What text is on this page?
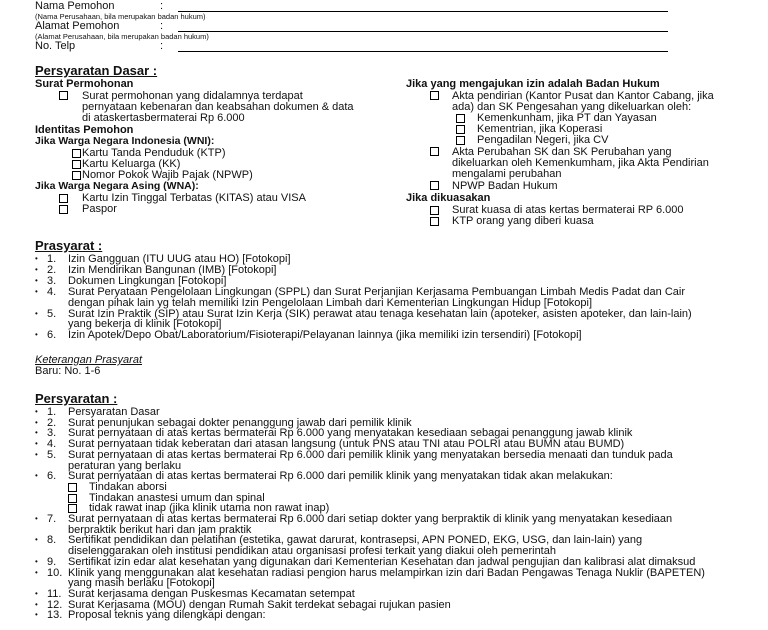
Nama Pemohon	:
(Nama Perusahaan, bila merupakan badan hukum)
Alamat Pemohon	:
(Alamat Perusahaan, bila merupakan badan hukum)
No. Telp	:
Persyaratan Dasar :
Surat Permohonan
Surat permohonan yang didalamnya terdapat
pernyataan kebenaran dan keabsahan dokumen & data
di ataskertasbermaterai Rp 6.000
Identitas Pemohon
Jika Warga Negara Indonesia (WNI):
Kartu Tanda Penduduk (KTP)
Kartu Keluarga (KK)
Nomor Pokok Wajib Pajak (NPWP)
Jika Warga Negara Asing (WNA):
Kartu Izin Tinggal Terbatas (KITAS) atau VISA
Paspor
Jika yang mengajukan izin adalah Badan Hukum
Akta pendirian (Kantor Pusat dan Kantor Cabang, jika
ada) dan SK Pengesahan yang dikeluarkan oleh:
Kemenkunham, jika PT dan Yayasan
Kementrian, jika Koperasi
Pengadilan Negeri, jika CV
Akta Perubahan SK dan SK Perubahan yang
dikeluarkan oleh Kemenkumham, jika Akta Pendirian
mengalami perubahan
NPWP Badan Hukum
Jika dikuasakan
Surat kuasa di atas kertas bermaterai RP 6.000
KTP orang yang diberi kuasa
Prasyarat :
• 1. Izin Gangguan (ITU UUG atau HO) [Fotokopi]
• 2. Izin Mendirikan Bangunan (IMB) [Fotokopi]
• 3. Dokumen Lingkungan [Fotokopi]
• 4. Surat Peryataan Pengelolaan Lingkungan (SPPL) dan Surat Perjanjian Kerjasama Pembuangan Limbah Medis Padat dan Cair
dengan pihak lain yg telah memiliki Izin Pengelolaan Limbah dari Kementerian Lingkungan Hidup [Fotokopi]
• 5. Surat Izin Praktik (SIP) atau Surat Izin Kerja (SIK) perawat atau tenaga kesehatan lain (apoteker, asisten apoteker, dan lain-lain)
yang bekerja di klinik [Fotokopi]
• 6. Izin Apotek/Depo Obat/Laboratorium/Fisioterapi/Pelayanan lainnya (jika memiliki izin tersendiri) [Fotokopi]
Keterangan Prasyarat
Baru: No. 1-6
Persyaratan :
• 1. Persyaratan Dasar
• 2. Surat penunjukan sebagai dokter penanggung jawab dari pemilik klinik
• 3. Surat pernyataan di atas kertas bermaterai Rp 6.000 yang menyatakan kesediaan sebagai penanggung jawab klinik
• 4. Surat pernyataan tidak keberatan dari atasan langsung (untuk PNS atau TNI atau POLRI atau BUMN atau BUMD)
• 5. Surat pernyataan di atas kertas bermaterai Rp 6.000 dari pemilik klinik yang menyatakan bersedia menaati dan tunduk pada
peraturan yang berlaku
• 6. Surat pernyataan di atas kertas bermaterai Rp 6.000 dari pemilik klinik yang menyatakan tidak akan melakukan:
Tindakan aborsi
Tindakan anastesi umum dan spinal
tidak rawat inap (jika klinik utama non rawat inap)
• 7. Surat pernyataan di atas kertas bermaterai Rp 6.000 dari setiap dokter yang berpraktik di klinik yang menyatakan kesediaan
berpraktik berikut hari dan jam praktik
• 8. Sertifikat pendidikan dan pelatihan (estetika, gawat darurat, kontrasepsi, APN PONED, EKG, USG, dan lain-lain) yang
diselenggarakan oleh institusi pendidikan atau organisasi profesi terkait yang diakui oleh pemerintah
• 9. Sertifikat izin edar alat kesehatan yang digunakan dari Kementerian Kesehatan dan jadwal pengujian dan kalibrasi alat dimaksud
• 10. Klinik yang menggunakan alat kesehatan radiasi pengion harus melampirkan izin dari Badan Pengawas Tenaga Nuklir (BAPETEN)
yang masih berlaku [Fotokopi]
• 11. Surat kerjasama dengan Puskesmas Kecamatan setempat
• 12. Surat Kerjasama (MOU) dengan Rumah Sakit terdekat sebagai rujukan pasien
• 13. Proposal teknis yang dilengkapi dengan:
